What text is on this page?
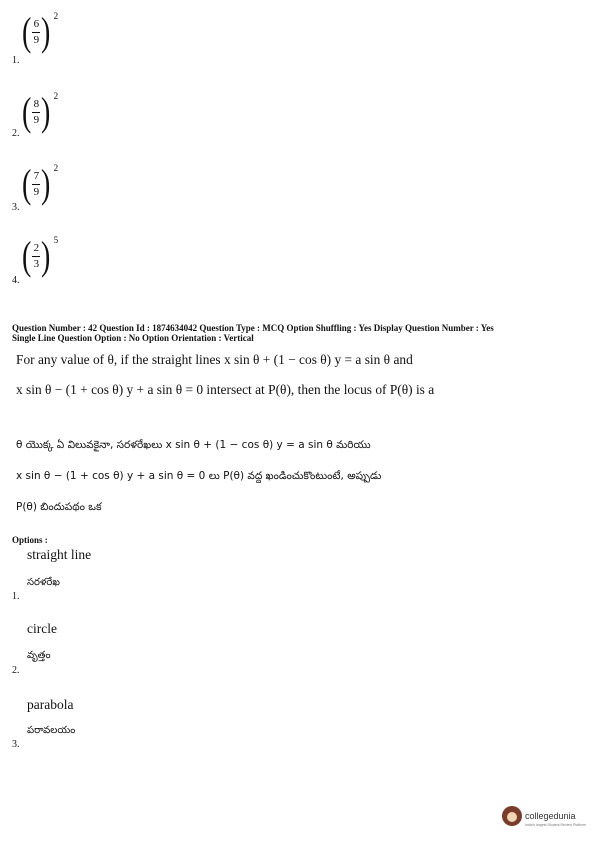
( 6
9 ) 2
1.
( 8
9 ) 2
2.
( 7
9 ) 2
3.
( 2
3 ) 5
4.
Question Number : 42 Question Id : 1874634042 Question Type : MCQ Option Shuffling : Yes Display Question Number : Yes
Single Line Question Option : No Option Orientation : Vertical
For any value of θ, if the straight lines x sin θ + (1 − cos θ) y = a sin θ and
x sin θ − (1 + cos θ) y + a sin θ = 0 intersect at P(θ), then the locus of P(θ) is a
θ యొక్క ఏ విలువకైనా, సరళరేఖలు x sin θ + (1 − cos θ) y = a sin θ మరియు
x sin θ − (1 + cos θ) y + a sin θ = 0 లు P(θ) వద్ద ఖండించుకొంటుంటే, అప్పుడు
P(θ) బిందుపథం ఒక
Options :
straight line
సరళరేఖ
1.
circle
వృత్తం
2.
parabola
పరావలయం
3.
collegedunia
India's largest Student Review Platform
